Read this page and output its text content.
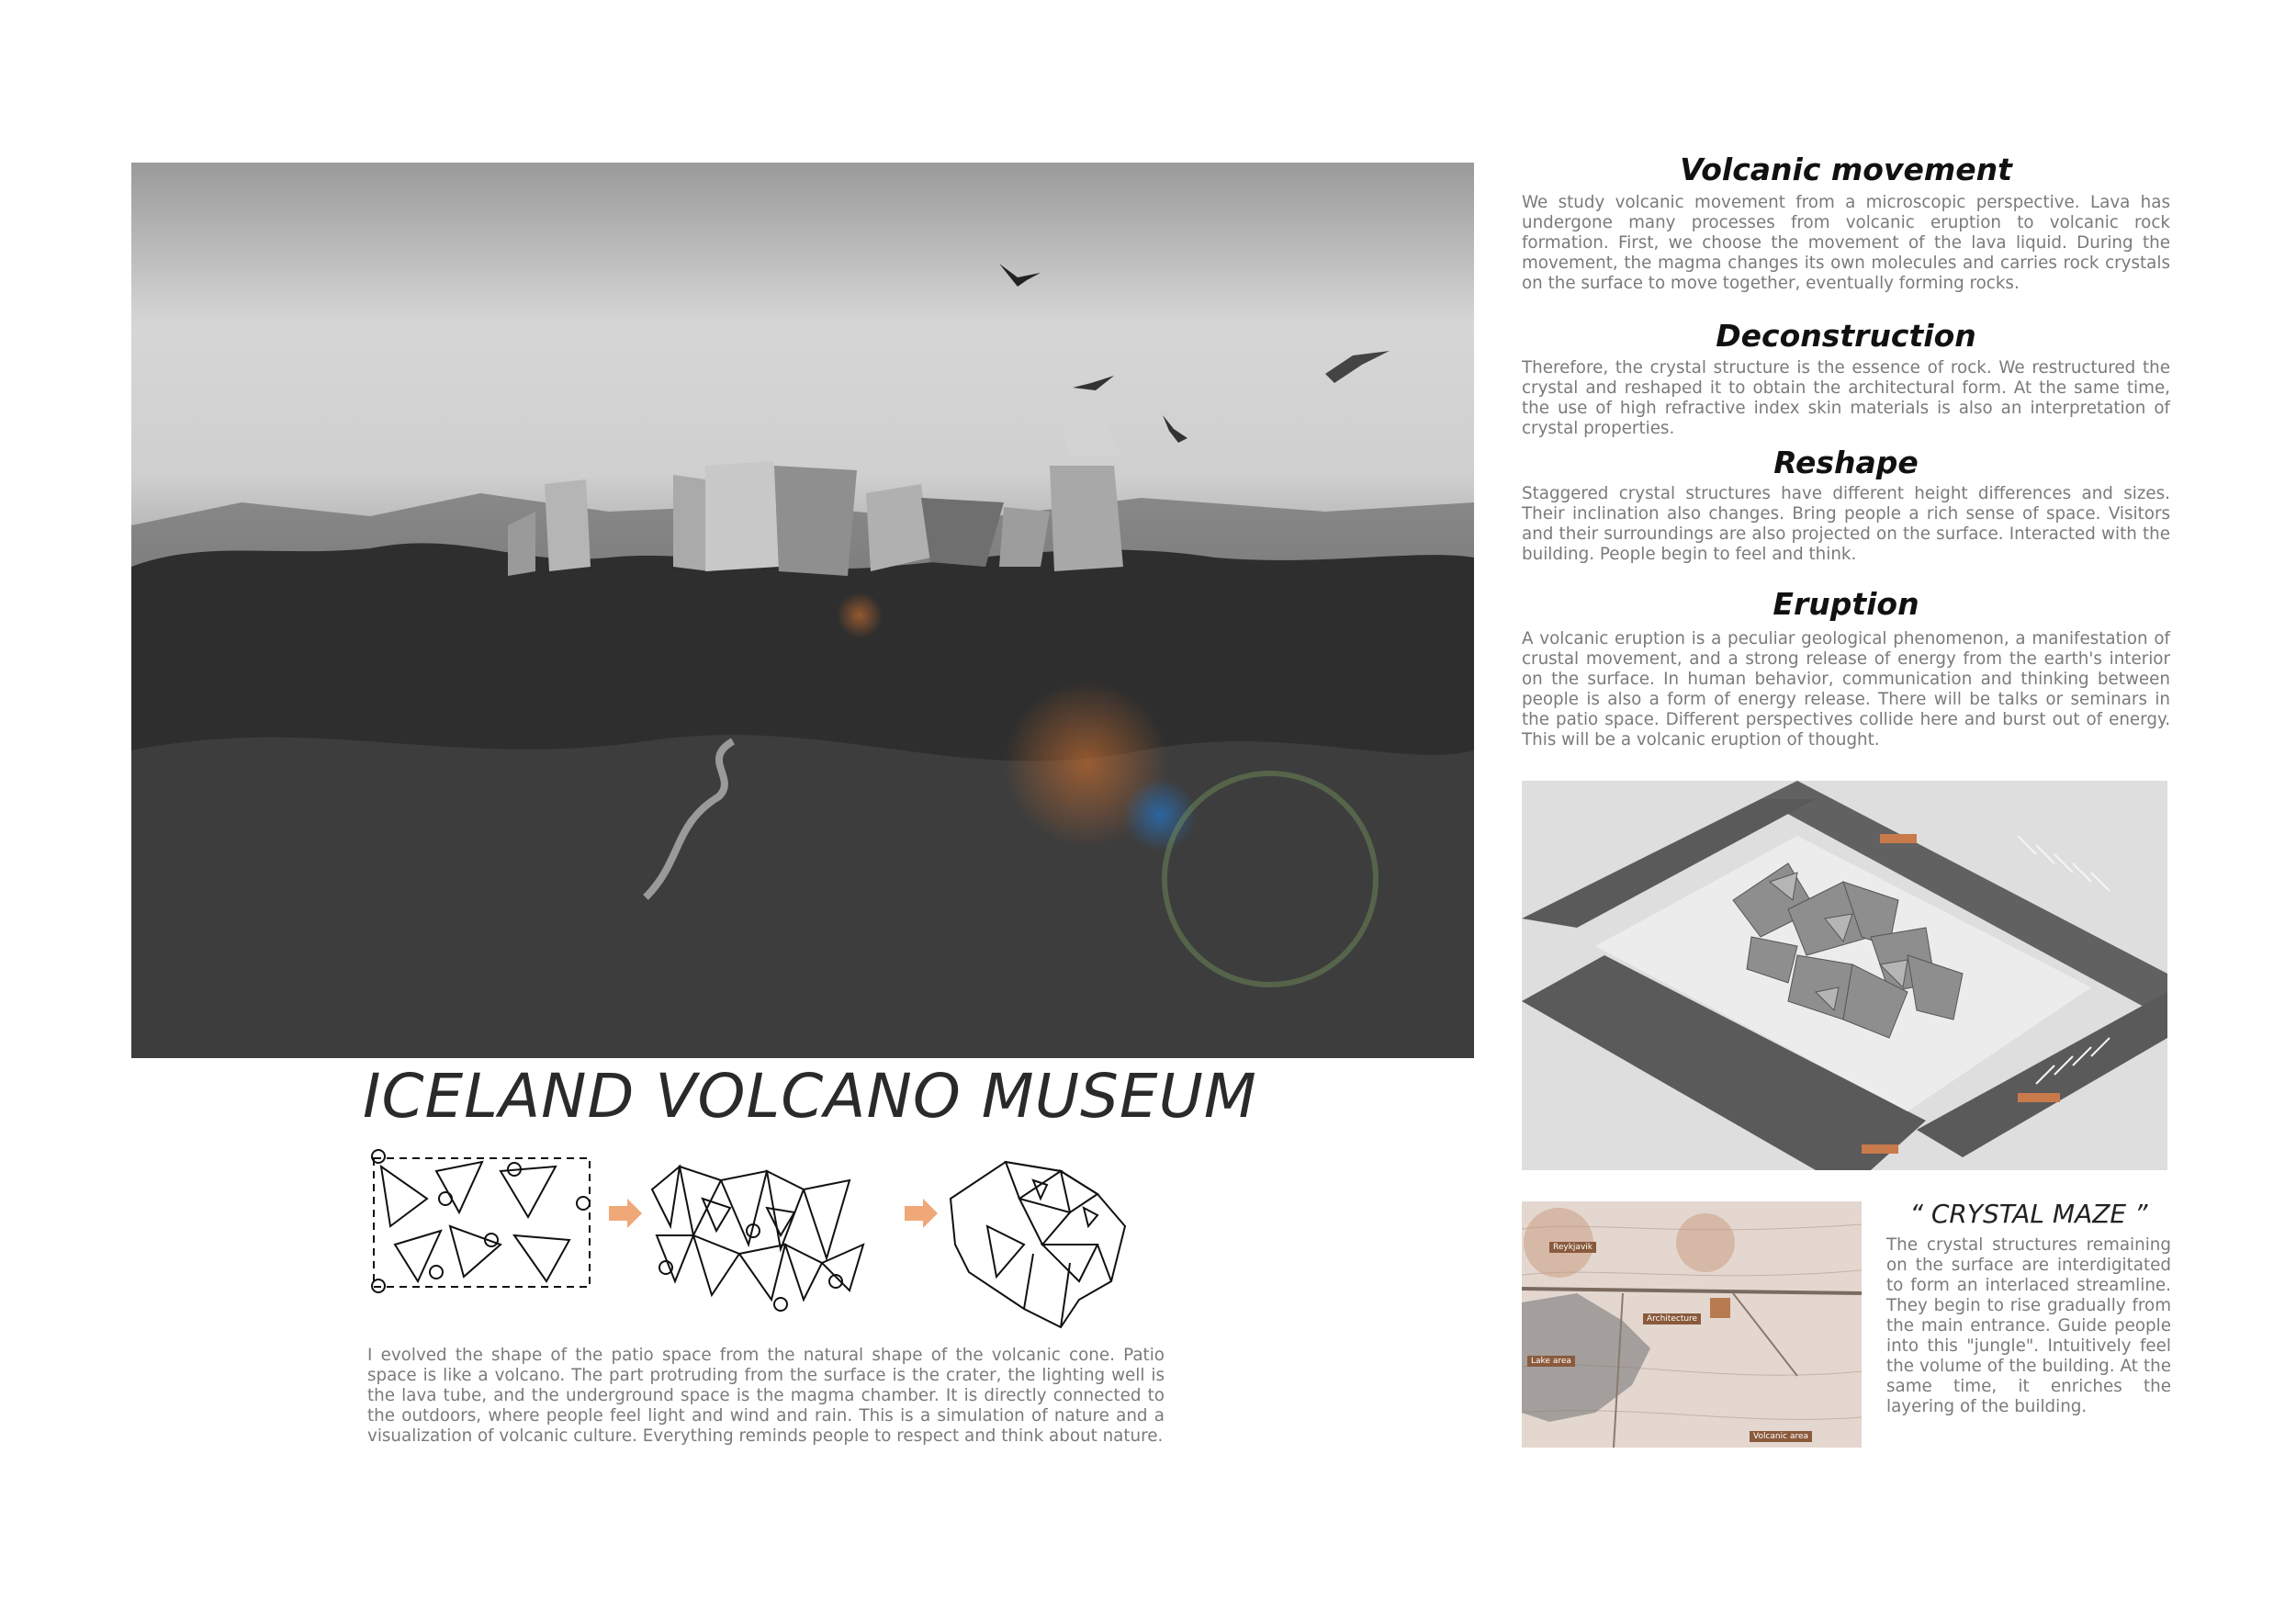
ICELAND VOLCANO MUSEUM
I evolved the shape of the patio space from the natural shape of the volcanic cone. Patio space is like a volcano. The part protruding from the surface is the crater, the lighting well is the lava tube, and the underground space is the magma chamber. It is directly connected to the outdoors, where people feel light and wind and rain. This is a simulation of nature and a visualization of volcanic culture. Everything reminds people to respect and think about nature.
Volcanic movement
We study volcanic movement from a microscopic perspective. Lava has undergone many processes from volcanic eruption to volcanic rock formation. First, we choose the movement of the lava liquid. During the movement, the magma changes its own molecules and carries rock crystals on the surface to move together, eventually forming rocks.
Deconstruction
Therefore, the crystal structure is the essence of rock. We restructured the crystal and reshaped it to obtain the architectural form. At the same time, the use of high refractive index skin materials is also an interpretation of crystal properties.
Reshape
Staggered crystal structures have different height differences and sizes. Their inclination also changes. Bring people a rich sense of space. Visitors and their surroundings are also projected on the surface. Interacted with the building. People begin to feel and think.
Eruption
A volcanic eruption is a peculiar geological phenomenon, a manifestation of crustal movement, and a strong release of energy from the earth's interior on the surface. In human behavior, communication and thinking between people is also a form of energy release. There will be talks or seminars in the patio space. Different perspectives collide here and burst out of energy. This will be a volcanic eruption of thought.
Reykjavik
Architecture
Lake area
Volcanic area
“ CRYSTAL MAZE ”
The crystal structures remaining on the surface are interdigitated to form an interlaced streamline. They begin to rise gradually from the main entrance. Guide people into this "jungle". Intuitively feel the volume of the building. At the same time, it enriches the layering of the building.
